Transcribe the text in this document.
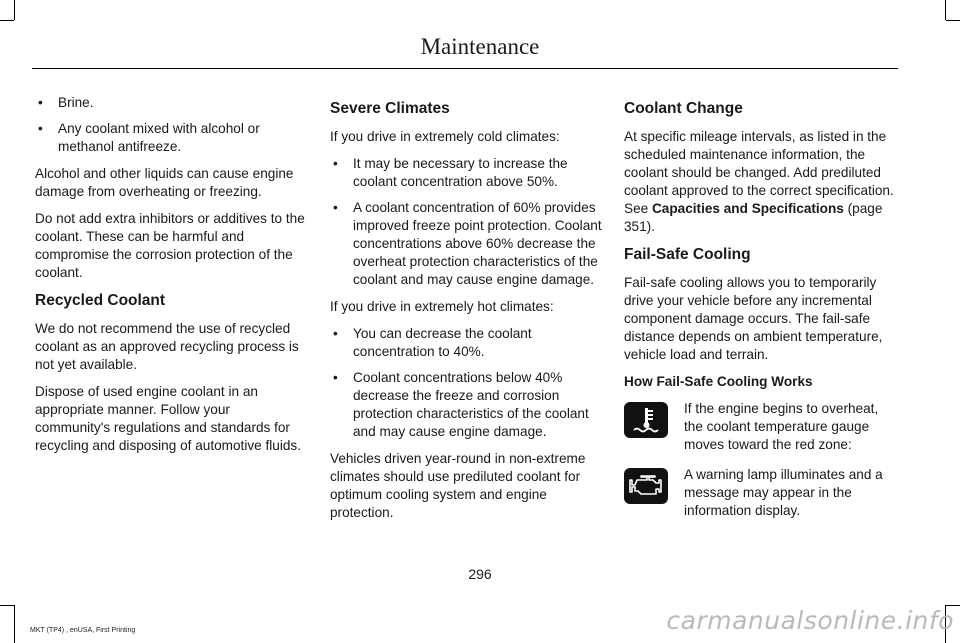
Maintenance
• Brine.
• Any coolant mixed with alcohol or methanol antifreeze.

Alcohol and other liquids can cause engine damage from overheating or freezing.

Do not add extra inhibitors or additives to the coolant. These can be harmful and compromise the corrosion protection of the coolant.

Recycled Coolant

We do not recommend the use of recycled coolant as an approved recycling process is not yet available.

Dispose of used engine coolant in an appropriate manner. Follow your community's regulations and standards for recycling and disposing of automotive fluids.

Severe Climates

If you drive in extremely cold climates:

• It may be necessary to increase the coolant concentration above 50%.
• A coolant concentration of 60% provides improved freeze point protection. Coolant concentrations above 60% decrease the overheat protection characteristics of the coolant and may cause engine damage.

If you drive in extremely hot climates:

• You can decrease the coolant concentration to 40%.
• Coolant concentrations below 40% decrease the freeze and corrosion protection characteristics of the coolant and may cause engine damage.

Vehicles driven year-round in non-extreme climates should use prediluted coolant for optimum cooling system and engine protection.

Coolant Change

At specific mileage intervals, as listed in the scheduled maintenance information, the coolant should be changed. Add prediluted coolant approved to the correct specification. See Capacities and Specifications (page 351).

Fail-Safe Cooling

Fail-safe cooling allows you to temporarily drive your vehicle before any incremental component damage occurs. The fail-safe distance depends on ambient temperature, vehicle load and terrain.

How Fail-Safe Cooling Works

If the engine begins to overheat, the coolant temperature gauge moves toward the red zone:

A warning lamp illuminates and a message may appear in the information display.

296
MKT (TP4) , enUSA, First Printing	carmanualsonline.info
